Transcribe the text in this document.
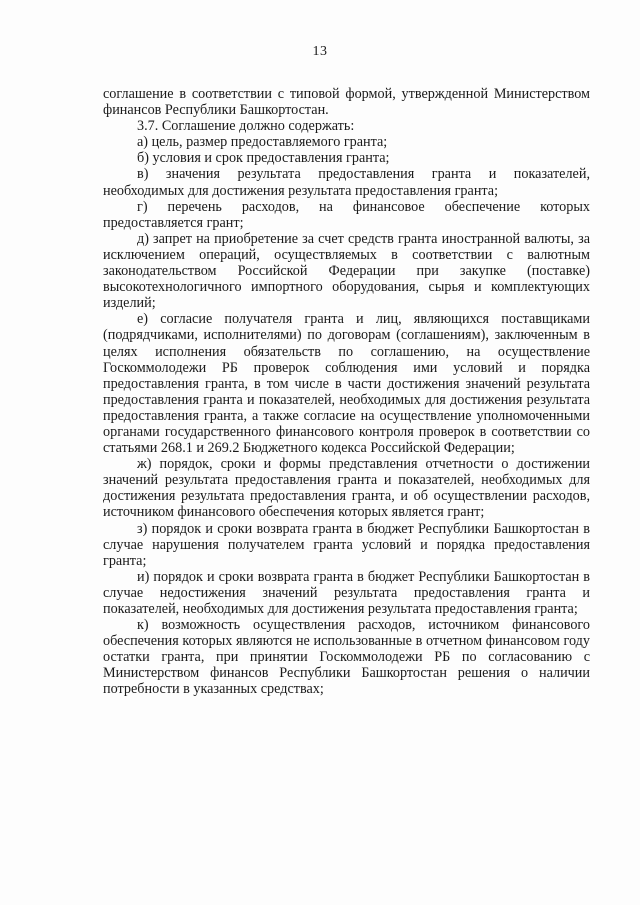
13

соглашение в соответствии с типовой формой, утвержденной Министерством финансов Республики Башкортостан.

3.7. Соглашение должно содержать:

а) цель, размер предоставляемого гранта;

б) условия и срок предоставления гранта;

в) значения результата предоставления гранта и показателей, необходимых для достижения результата предоставления гранта;

г) перечень расходов, на финансовое обеспечение которых предоставляется грант;

д) запрет на приобретение за счет средств гранта иностранной валюты, за исключением операций, осуществляемых в соответствии с валютным законодательством Российской Федерации при закупке (поставке) высокотехнологичного импортного оборудования, сырья и комплектующих изделий;

е) согласие получателя гранта и лиц, являющихся поставщиками (подрядчиками, исполнителями) по договорам (соглашениям), заключенным в целях исполнения обязательств по соглашению, на осуществление Госкоммолодежи РБ проверок соблюдения ими условий и порядка предоставления гранта, в том числе в части достижения значений результата предоставления гранта и показателей, необходимых для достижения результата предоставления гранта, а также согласие на осуществление уполномоченными органами государственного финансового контроля проверок в соответствии со статьями 268.1 и 269.2 Бюджетного кодекса Российской Федерации;

ж) порядок, сроки и формы представления отчетности о достижении значений результата предоставления гранта и показателей, необходимых для достижения результата предоставления гранта, и об осуществлении расходов, источником финансового обеспечения которых является грант;

з) порядок и сроки возврата гранта в бюджет Республики Башкортостан в случае нарушения получателем гранта условий и порядка предоставления гранта;

и) порядок и сроки возврата гранта в бюджет Республики Башкортостан в случае недостижения значений результата предоставления гранта и показателей, необходимых для достижения результата предоставления гранта;

к) возможность осуществления расходов, источником финансового обеспечения которых являются не использованные в отчетном финансовом году остатки гранта, при принятии Госкоммолодежи РБ по согласованию с Министерством финансов Республики Башкортостан решения о наличии потребности в указанных средствах;
